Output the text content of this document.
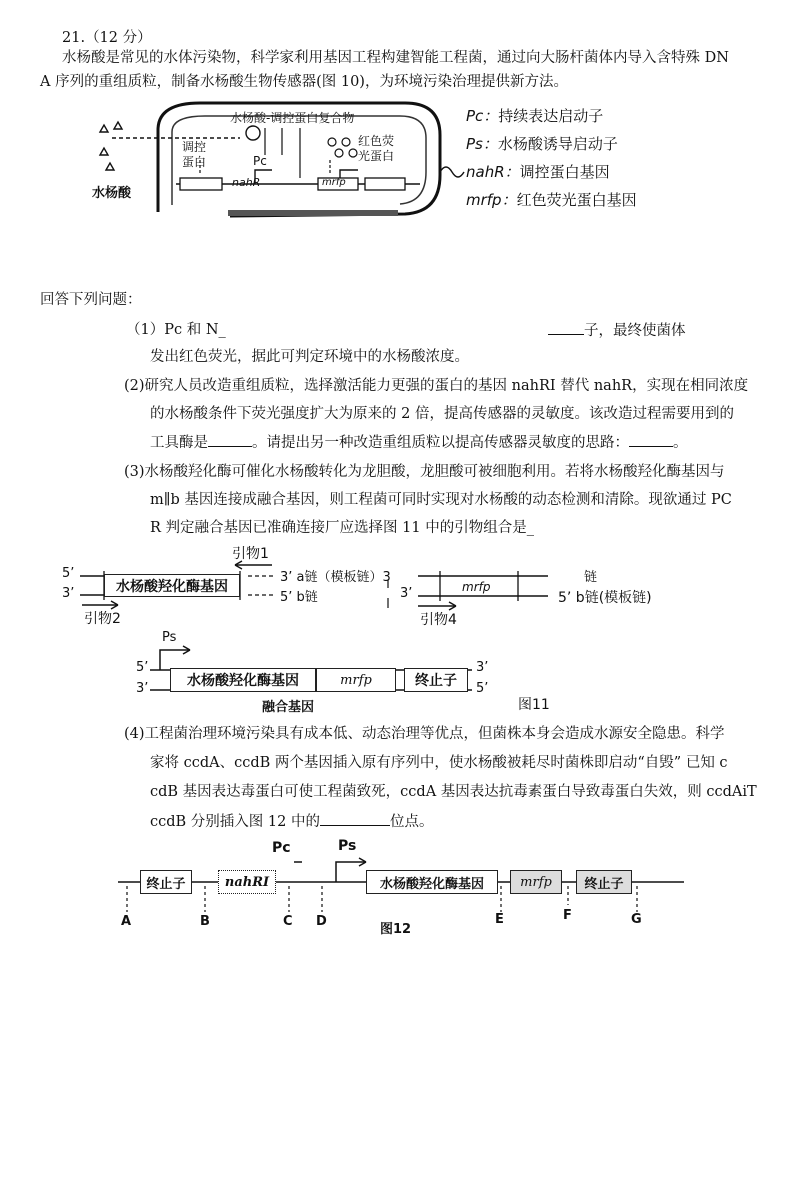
21.（12 分）
水杨酸是常见的水体污染物，科学家利用基因工程构建智能工程菌，通过向大肠杆菌体内导入含特殊 DN
A 序列的重组质粒，制备水杨酸生物传感器(图 10)，为环境污染治理提供新方法。
水杨酸
水杨酸-调控蛋白复合物
调控
蛋白
红色荧
光蛋白
Pc
nahR	mrfp
Pc：持续表达启动子
Ps：水杨酸诱导启动子
nahR：调控蛋白基因
mrfp：红色荧光蛋白基因
回答下列问题：
（1）Pc 和 N_	子，最终使菌体
发出红色荧光，据此可判定环境中的水杨酸浓度。
(2)研究人员改造重组质粒，选择激活能力更强的蛋白的基因 nahRI 替代 nahR，实现在相同浓度
的水杨酸条件下荧光强度扩大为原来的 2 倍，提高传感器的灵敏度。该改造过程需要用到的
工具酶是	。请提出另一种改造重组质粒以提高传感器灵敏度的思路：	。
(3)水杨酸羟化酶可催化水杨酸转化为龙胆酸，龙胆酸可被细胞利用。若将水杨酸羟化酶基因与
m∥b 基因连接成融合基因，则工程菌可同时实现对水杨酸的动态检测和清除。现欲通过 PC
R 判定融合基因已准确连接厂应选择图 11 中的引物组合是_
5’
3’
引物1
3’ a链（模板链）3
5’ b链
水杨酸羟化酶基因
引物2
3’	mrfp
5’ b链(模板链)
链
引物4
Ps
5’
3’	水杨酸羟化酶基因	mrfp	终止子
3’
5’
融合基因	图11
(4)工程菌治理环境污染具有成本低、动态治理等优点，但菌株本身会造成水源安全隐患。科学
家将 ccdA、ccdB 两个基因插入原有序列中，使水杨酸被耗尽时菌株即启动“自毁” 已知 c
cdB 基因表达毒蛋白可使工程菌致死，ccdA 基因表达抗毒素蛋白导致毒蛋白失效，则 ccdAiT
ccdB 分别插入图 12 中的	位点。
终止子	nahRI
Pc	Ps
水杨酸羟化酶基因	mrfp	终止子
A	B	C D	E	F	G
图12
